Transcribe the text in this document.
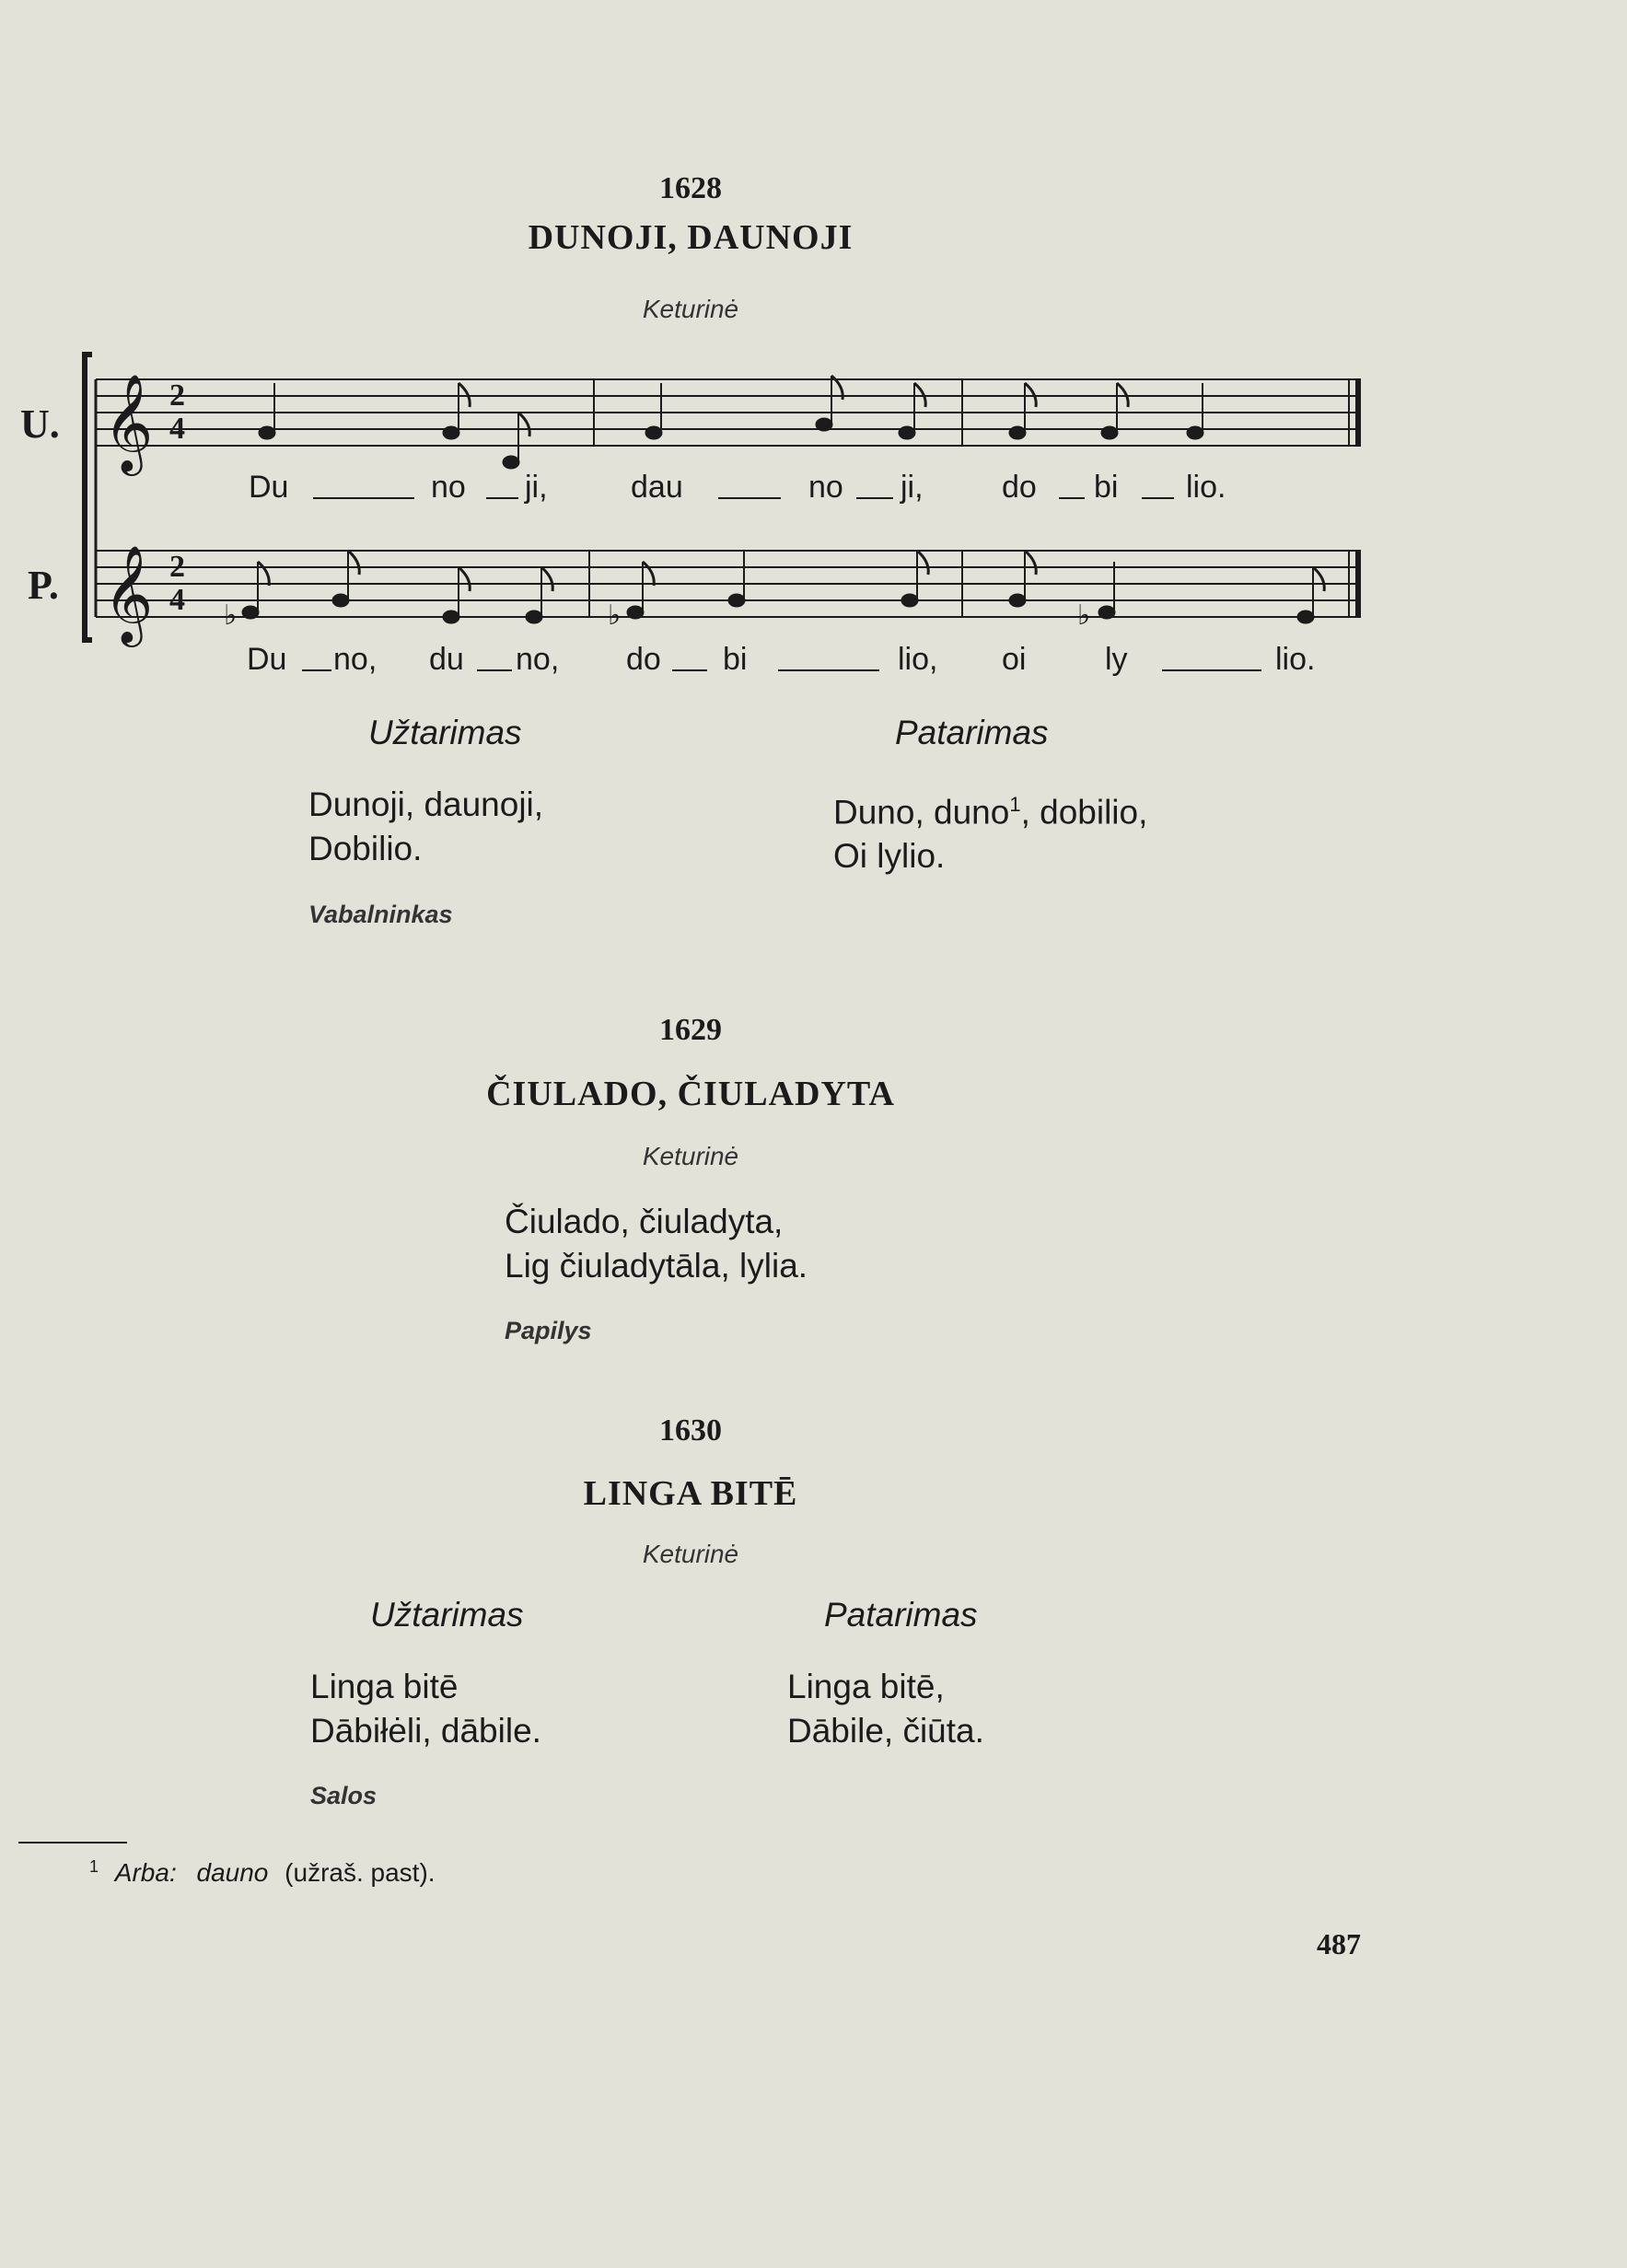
1628
DUNOJI, DAUNOJI
Keturinė
U.
P.
𝄞
𝄞
2
4
2
4 ♭	♭	♭
Du	no ji,	dau	no ji,	do bi lio.
Du no, du no, do bi	lio, oi	ly	lio.
Užtarimas	Patarimas
Dunoji, daunoji,
Dobilio.
Duno, duno$^1$, dobilio,
Oi lylio.
Vabalninkas
1629
ČIULADO, ČIULADYTA
Keturinė
Čiulado, čiuladyta,
Lig čiuladytāla, lylia.
Papilys
1630
LINGA BITĒ
Keturinė
Užtarimas	Patarimas
Linga bitē
Dābiłėli, dābile.
Linga bitē,
Dābile, čiūta.
Salos
$^1$ Arba: dauno (užraš. past).
487
